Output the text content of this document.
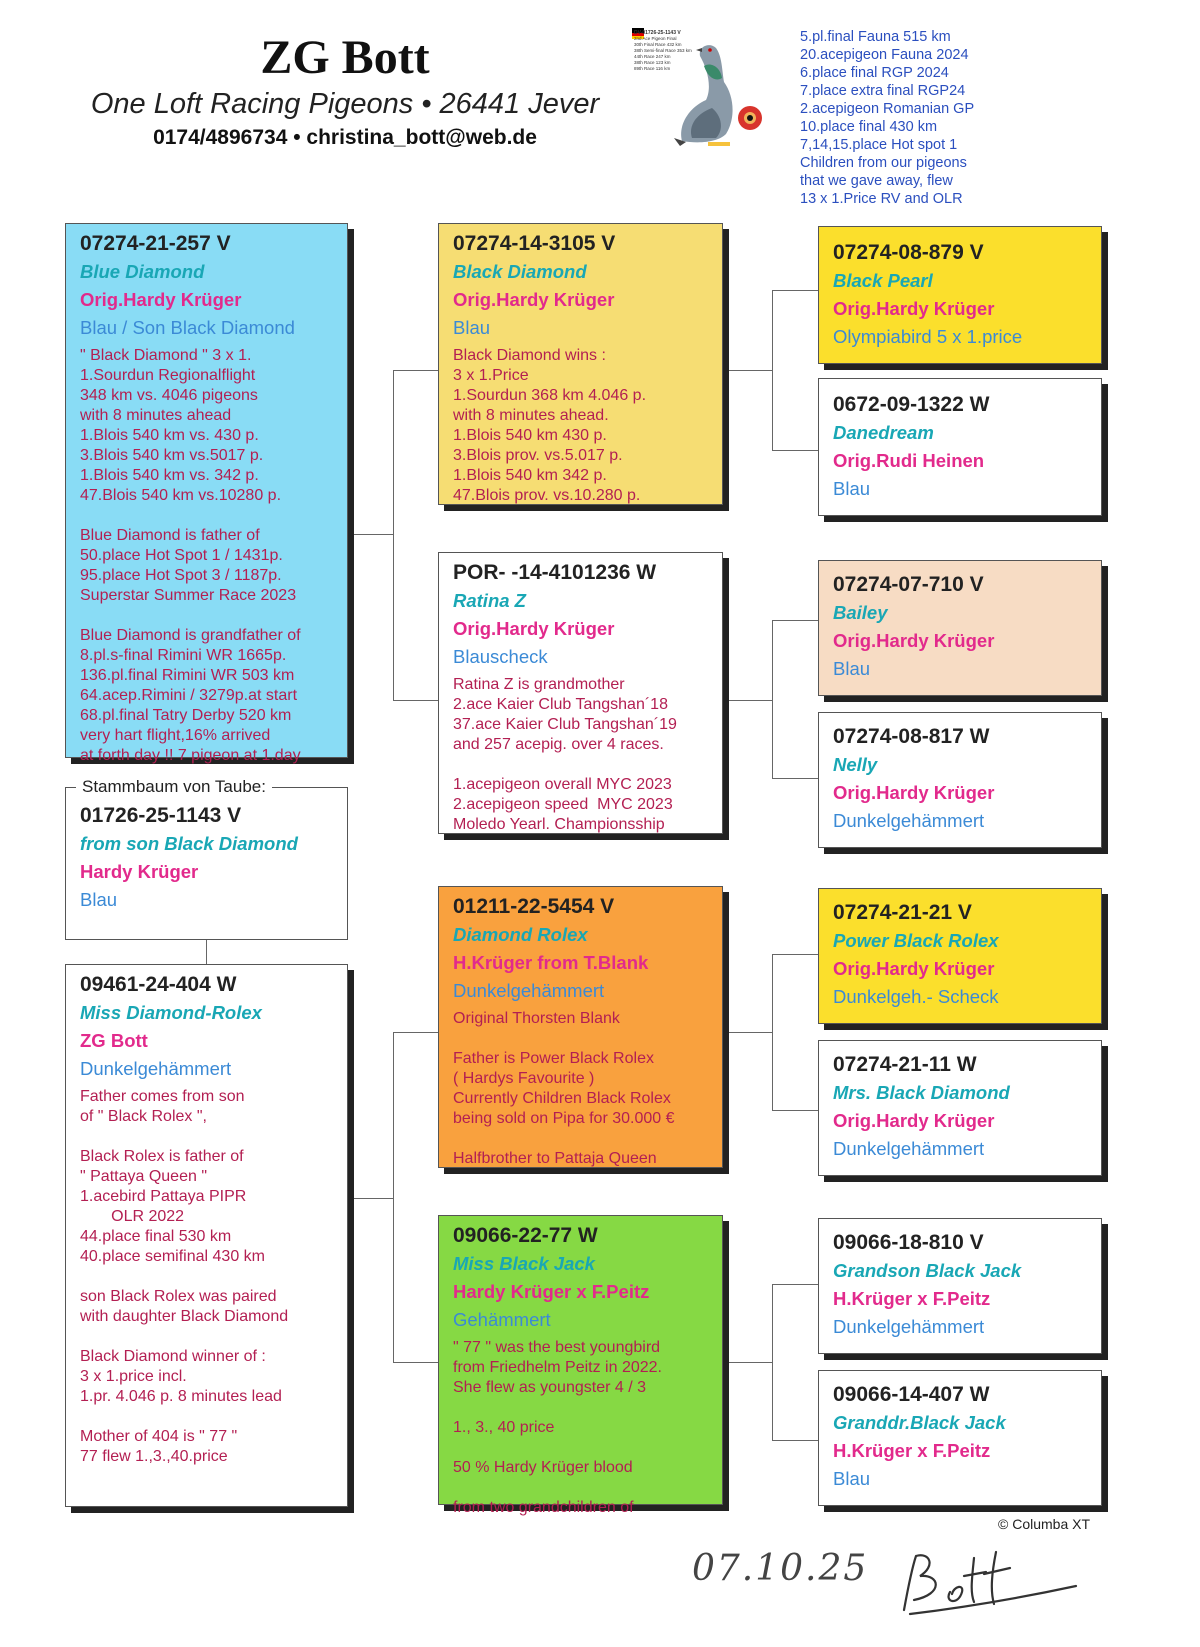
ZG Bott
One Loft Racing Pigeons • 26441 Jever
0174/4896734 • christina_bott@web.de
DV-01726-25-1143 V
2nd Ace Pigeon Final
30th Final Race 432 km
38th Semi-final Race 353 km
44th Race 247 km
38th Race 123 km
89th Race 116 km
5.pl.final Fauna 515 km
20.acepigeon Fauna 2024
6.place final RGP 2024
7.place extra final RGP24
2.acepigeon Romanian GP
10.place final 430 km
7,14,15.place Hot spot 1
Children from our pigeons
that we gave away, flew
13 x 1.Price RV and OLR
07274-21-257 V
Blue Diamond
Orig.Hardy Krüger
Blau / Son Black Diamond
" Black Diamond " 3 x 1.
1.Sourdun Regionalflight
348 km vs. 4046 pigeons
with 8 minutes ahead
1.Blois 540 km vs. 430 p.
3.Blois 540 km vs.5017 p.
1.Blois 540 km vs. 342 p.
47.Blois 540 km vs.10280 p.

Blue Diamond is father of
50.place Hot Spot 1 / 1431p.
95.place Hot Spot 3 / 1187p.
Superstar Summer Race 2023

Blue Diamond is grandfather of
8.pl.s-final Rimini WR 1665p.
136.pl.final Rimini WR 503 km
64.acep.Rimini / 3279p.at start
68.pl.final Tatry Derby 520 km
very hart flight,16% arrived
at forth day !! 7 pigeon at 1.day
01726-25-1143 V
from son Black Diamond
Hardy Krüger
Blau
Stammbaum von Taube:
09461-24-404 W
Miss Diamond-Rolex
ZG Bott
Dunkelgehämmert
Father comes from son
of " Black Rolex ",

Black Rolex is father of
" Pattaya Queen "
1.acebird Pattaya PIPR
OLR 2022
44.place final 530 km
40.place semifinal 430 km

son Black Rolex was paired
with daughter Black Diamond

Black Diamond winner of :
3 x 1.price incl.
1.pr. 4.046 p. 8 minutes lead

Mother of 404 is " 77 "
77 flew 1.,3.,40.price
07274-14-3105 V
Black Diamond
Orig.Hardy Krüger
Blau
Black Diamond wins :
3 x 1.Price
1.Sourdun 368 km 4.046 p.
with 8 minutes ahead.
1.Blois 540 km 430 p.
3.Blois prov. vs.5.017 p.
1.Blois 540 km 342 p.
47.Blois prov. vs.10.280 p.
POR- -14-4101236 W
Ratina Z
Orig.Hardy Krüger
Blauscheck
Ratina Z is grandmother
2.ace Kaier Club Tangshan´18
37.ace Kaier Club Tangshan´19
and 257 acepig. over 4 races.

1.acepigeon overall MYC 2023
2.acepigeon speed  MYC 2023
Moledo Yearl. Championsship
01211-22-5454 V
Diamond Rolex
H.Krüger from T.Blank
Dunkelgehämmert
Original Thorsten Blank

Father is Power Black Rolex
( Hardys Favourite )
Currently Children Black Rolex
being sold on Pipa for 30.000 €

Halfbrother to Pattaja Queen
09066-22-77 W
Miss Black Jack
Hardy Krüger x F.Peitz
Gehämmert
" 77 " was the best youngbird
from Friedhelm Peitz in 2022.
She flew as youngster 4 / 3

1., 3., 40 price

50 % Hardy Krüger blood

from two grandchildren of
07274-08-879 V
Black Pearl
Orig.Hardy Krüger
Olympiabird 5 x 1.price
0672-09-1322 W
Danedream
Orig.Rudi Heinen
Blau
07274-07-710 V
Bailey
Orig.Hardy Krüger
Blau
07274-08-817 W
Nelly
Orig.Hardy Krüger
Dunkelgehämmert
07274-21-21 V
Power Black Rolex
Orig.Hardy Krüger
Dunkelgeh.- Scheck
07274-21-11 W
Mrs. Black Diamond
Orig.Hardy Krüger
Dunkelgehämmert
09066-18-810 V
Grandson Black Jack
H.Krüger x F.Peitz
Dunkelgehämmert
09066-14-407 W
Granddr.Black Jack
H.Krüger x F.Peitz
Blau
© Columba XT
07.10.25
